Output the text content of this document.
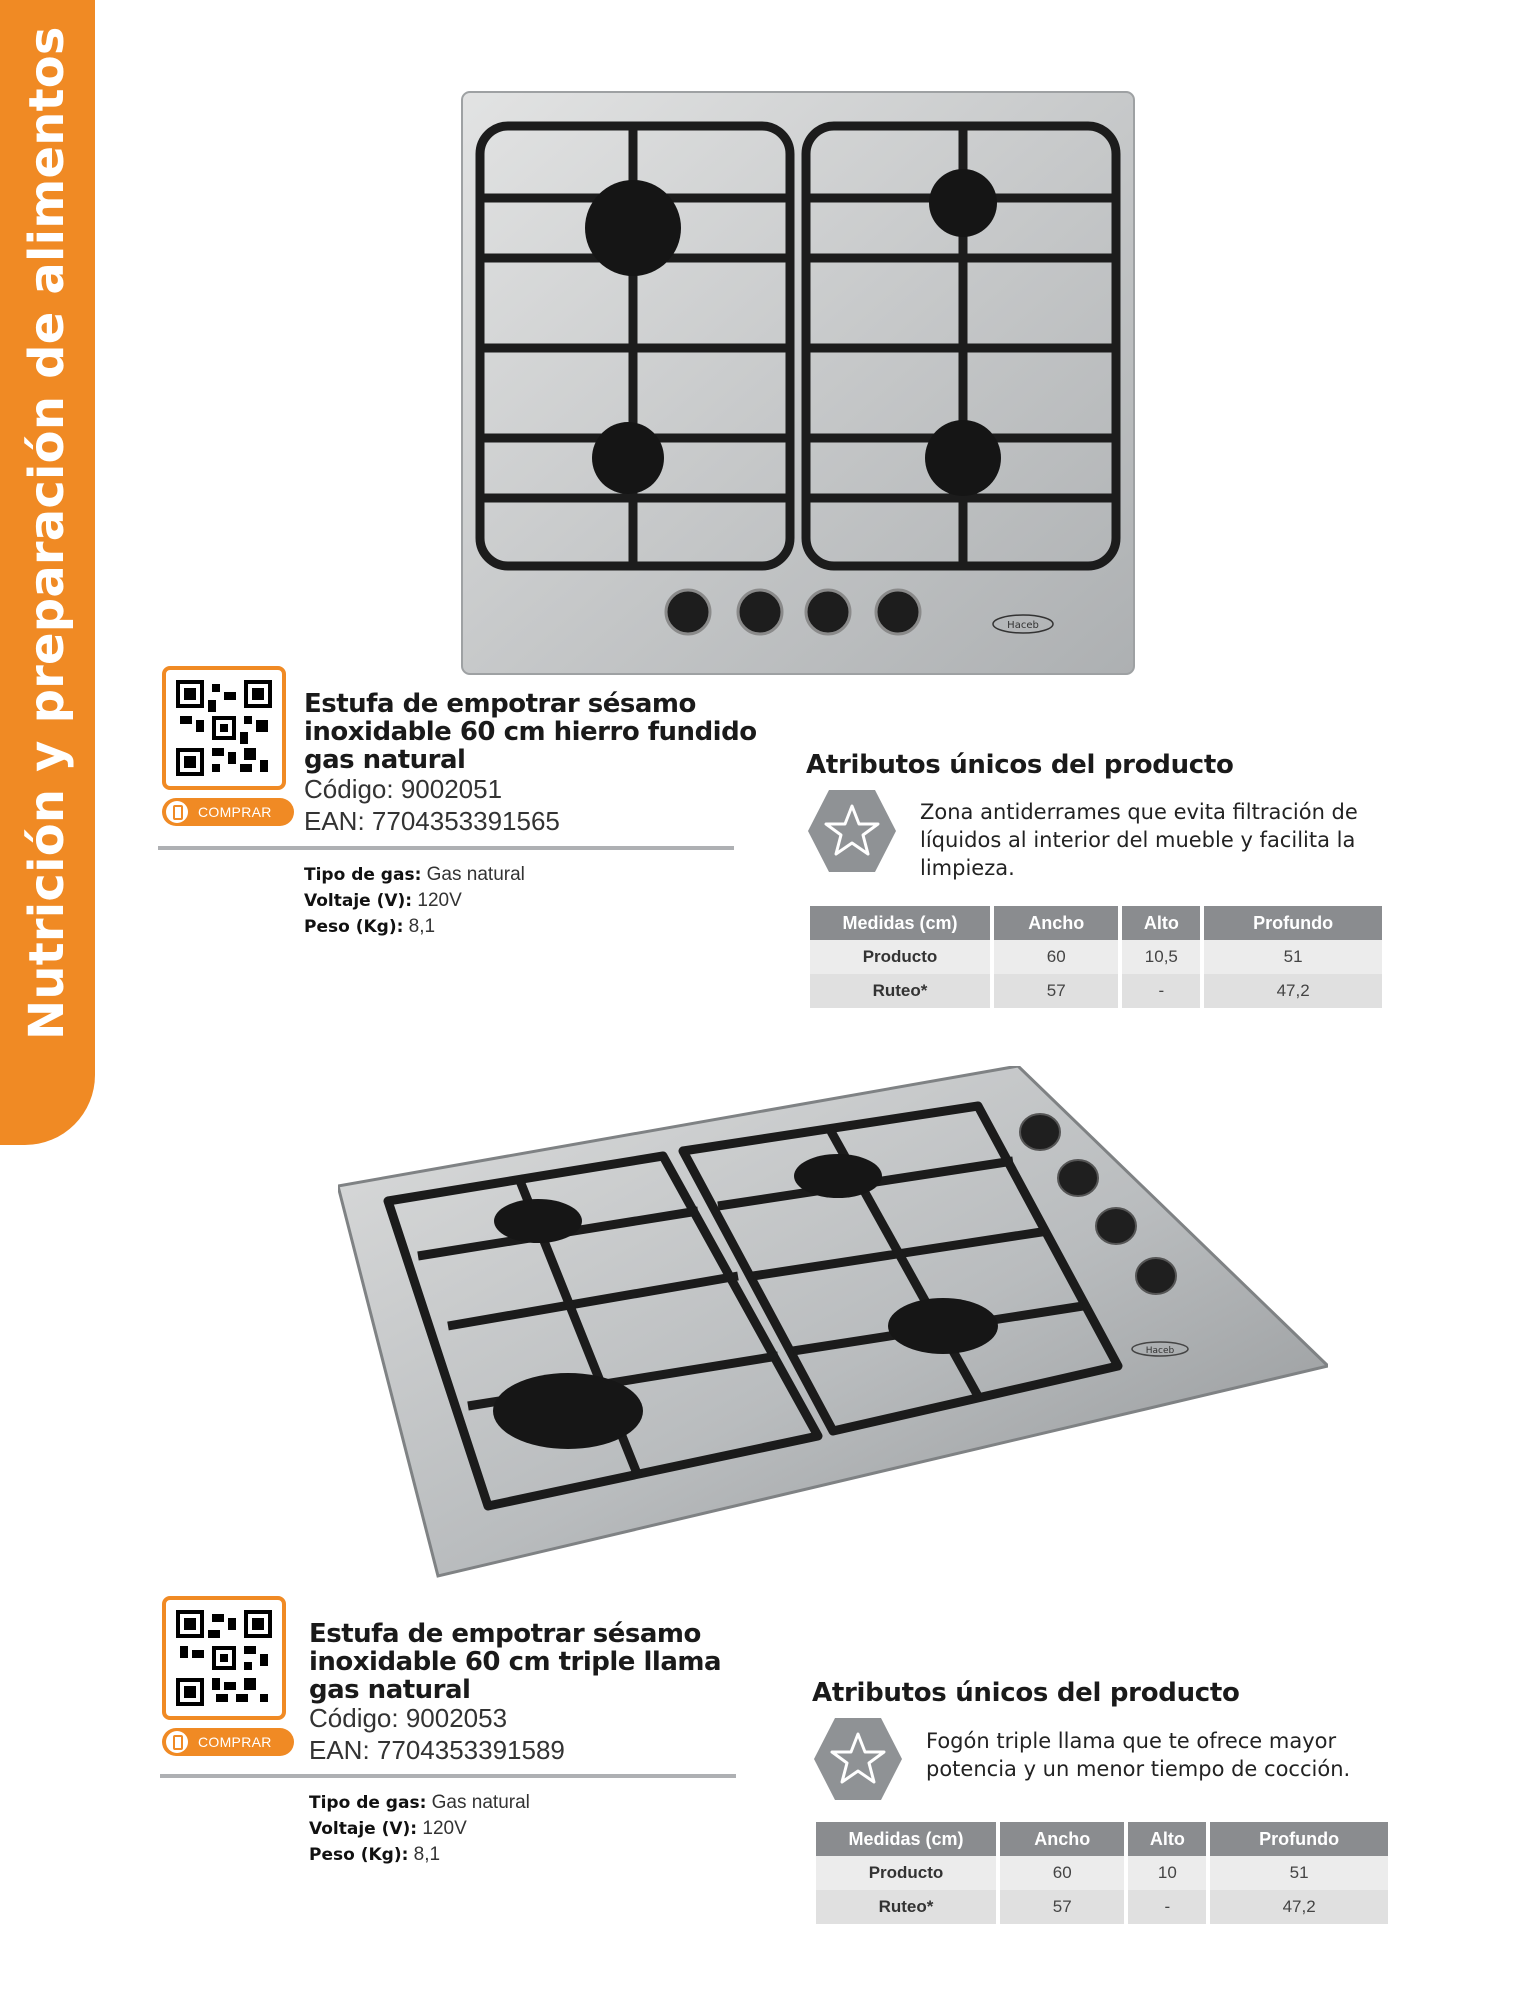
Nutrición y preparación de alimentos	Haceb
COMPRAR
Estufa de empotrar sésamo
inoxidable 60 cm hierro fundido
gas natural
Código: 9002051
EAN: 7704353391565
Tipo de gas: Gas natural
Voltaje (V): 120V
Peso (Kg): 8,1
Atributos únicos del producto
Zona antiderrames que evita filtración de líquidos al interior del mueble y facilita la limpieza.
Medidas (cm)	Ancho	Alto	Profundo
Producto	60	10,5	51
Ruteo*	57	-	47,2
Haceb
COMPRAR
Estufa de empotrar sésamo
inoxidable 60 cm triple llama
gas natural
Código: 9002053
EAN: 7704353391589
Tipo de gas: Gas natural
Voltaje (V): 120V
Peso (Kg): 8,1
Atributos únicos del producto
Fogón triple llama que te ofrece mayor potencia y un menor tiempo de cocción.
Medidas (cm)	Ancho	Alto	Profundo
Producto	60	10	51
Ruteo*	57	-	47,2
